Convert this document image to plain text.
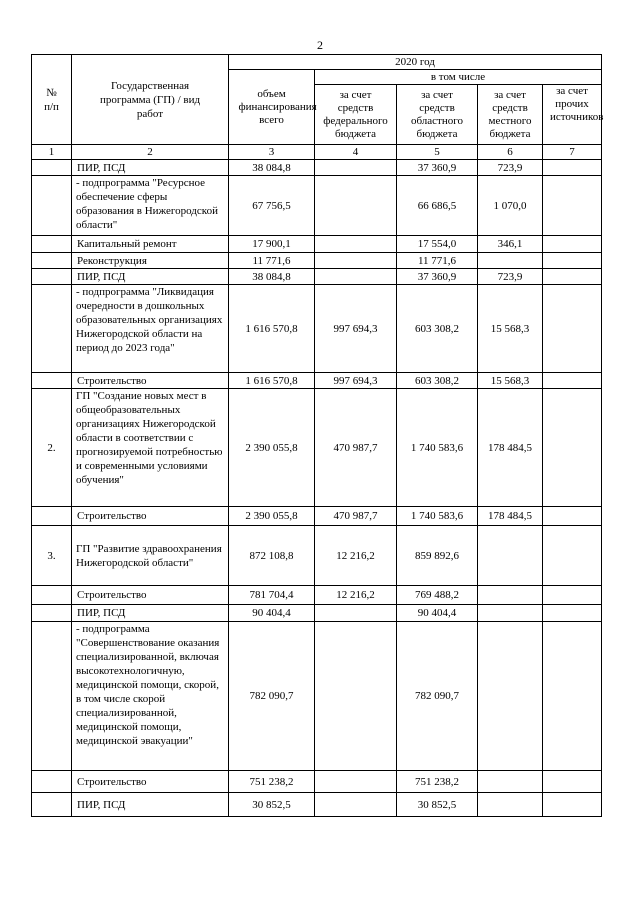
2
№ п/п	Государственная программа (ГП) / вид работ	2020 год				
		объем финансирования всего	в том числе			
			за счет средств федерального бюджета	за счет средств областного бюджета	за счет средств местного бюджета	за счет прочих источников
1	2	3	4	5	6	7
	ПИР, ПСД	38 084,8		37 360,9	723,9	
	- подпрограмма "Ресурсное обеспечение сферы образования в Нижегородской области"	67 756,5		66 686,5	1 070,0	
	Капитальный ремонт	17 900,1		17 554,0	346,1	
	Реконструкция	11 771,6		11 771,6		
	ПИР, ПСД	38 084,8		37 360,9	723,9	
	- подпрограмма "Ликвидация очередности в дошкольных образовательных организациях Нижегородской области на период до 2023 года"	1 616 570,8	997 694,3	603 308,2	15 568,3	
	Строительство	1 616 570,8	997 694,3	603 308,2	15 568,3	
2.	ГП "Создание новых мест в общеобразовательных организациях Нижегородской области в соответствии с прогнозируемой потребностью и современными условиями обучения"	2 390 055,8	470 987,7	1 740 583,6	178 484,5	
	Строительство	2 390 055,8	470 987,7	1 740 583,6	178 484,5	
3.	ГП "Развитие здравоохранения Нижегородской области"	872 108,8	12 216,2	859 892,6		
	Строительство	781 704,4	12 216,2	769 488,2		
	ПИР, ПСД	90 404,4		90 404,4		
	- подпрограмма "Совершенствование оказания специализированной, включая высокотехнологичную, медицинской помощи, скорой, в том числе скорой специализированной, медицинской помощи, медицинской эвакуации"	782 090,7		782 090,7		
	Строительство	751 238,2		751 238,2		
	ПИР, ПСД	30 852,5		30 852,5		
